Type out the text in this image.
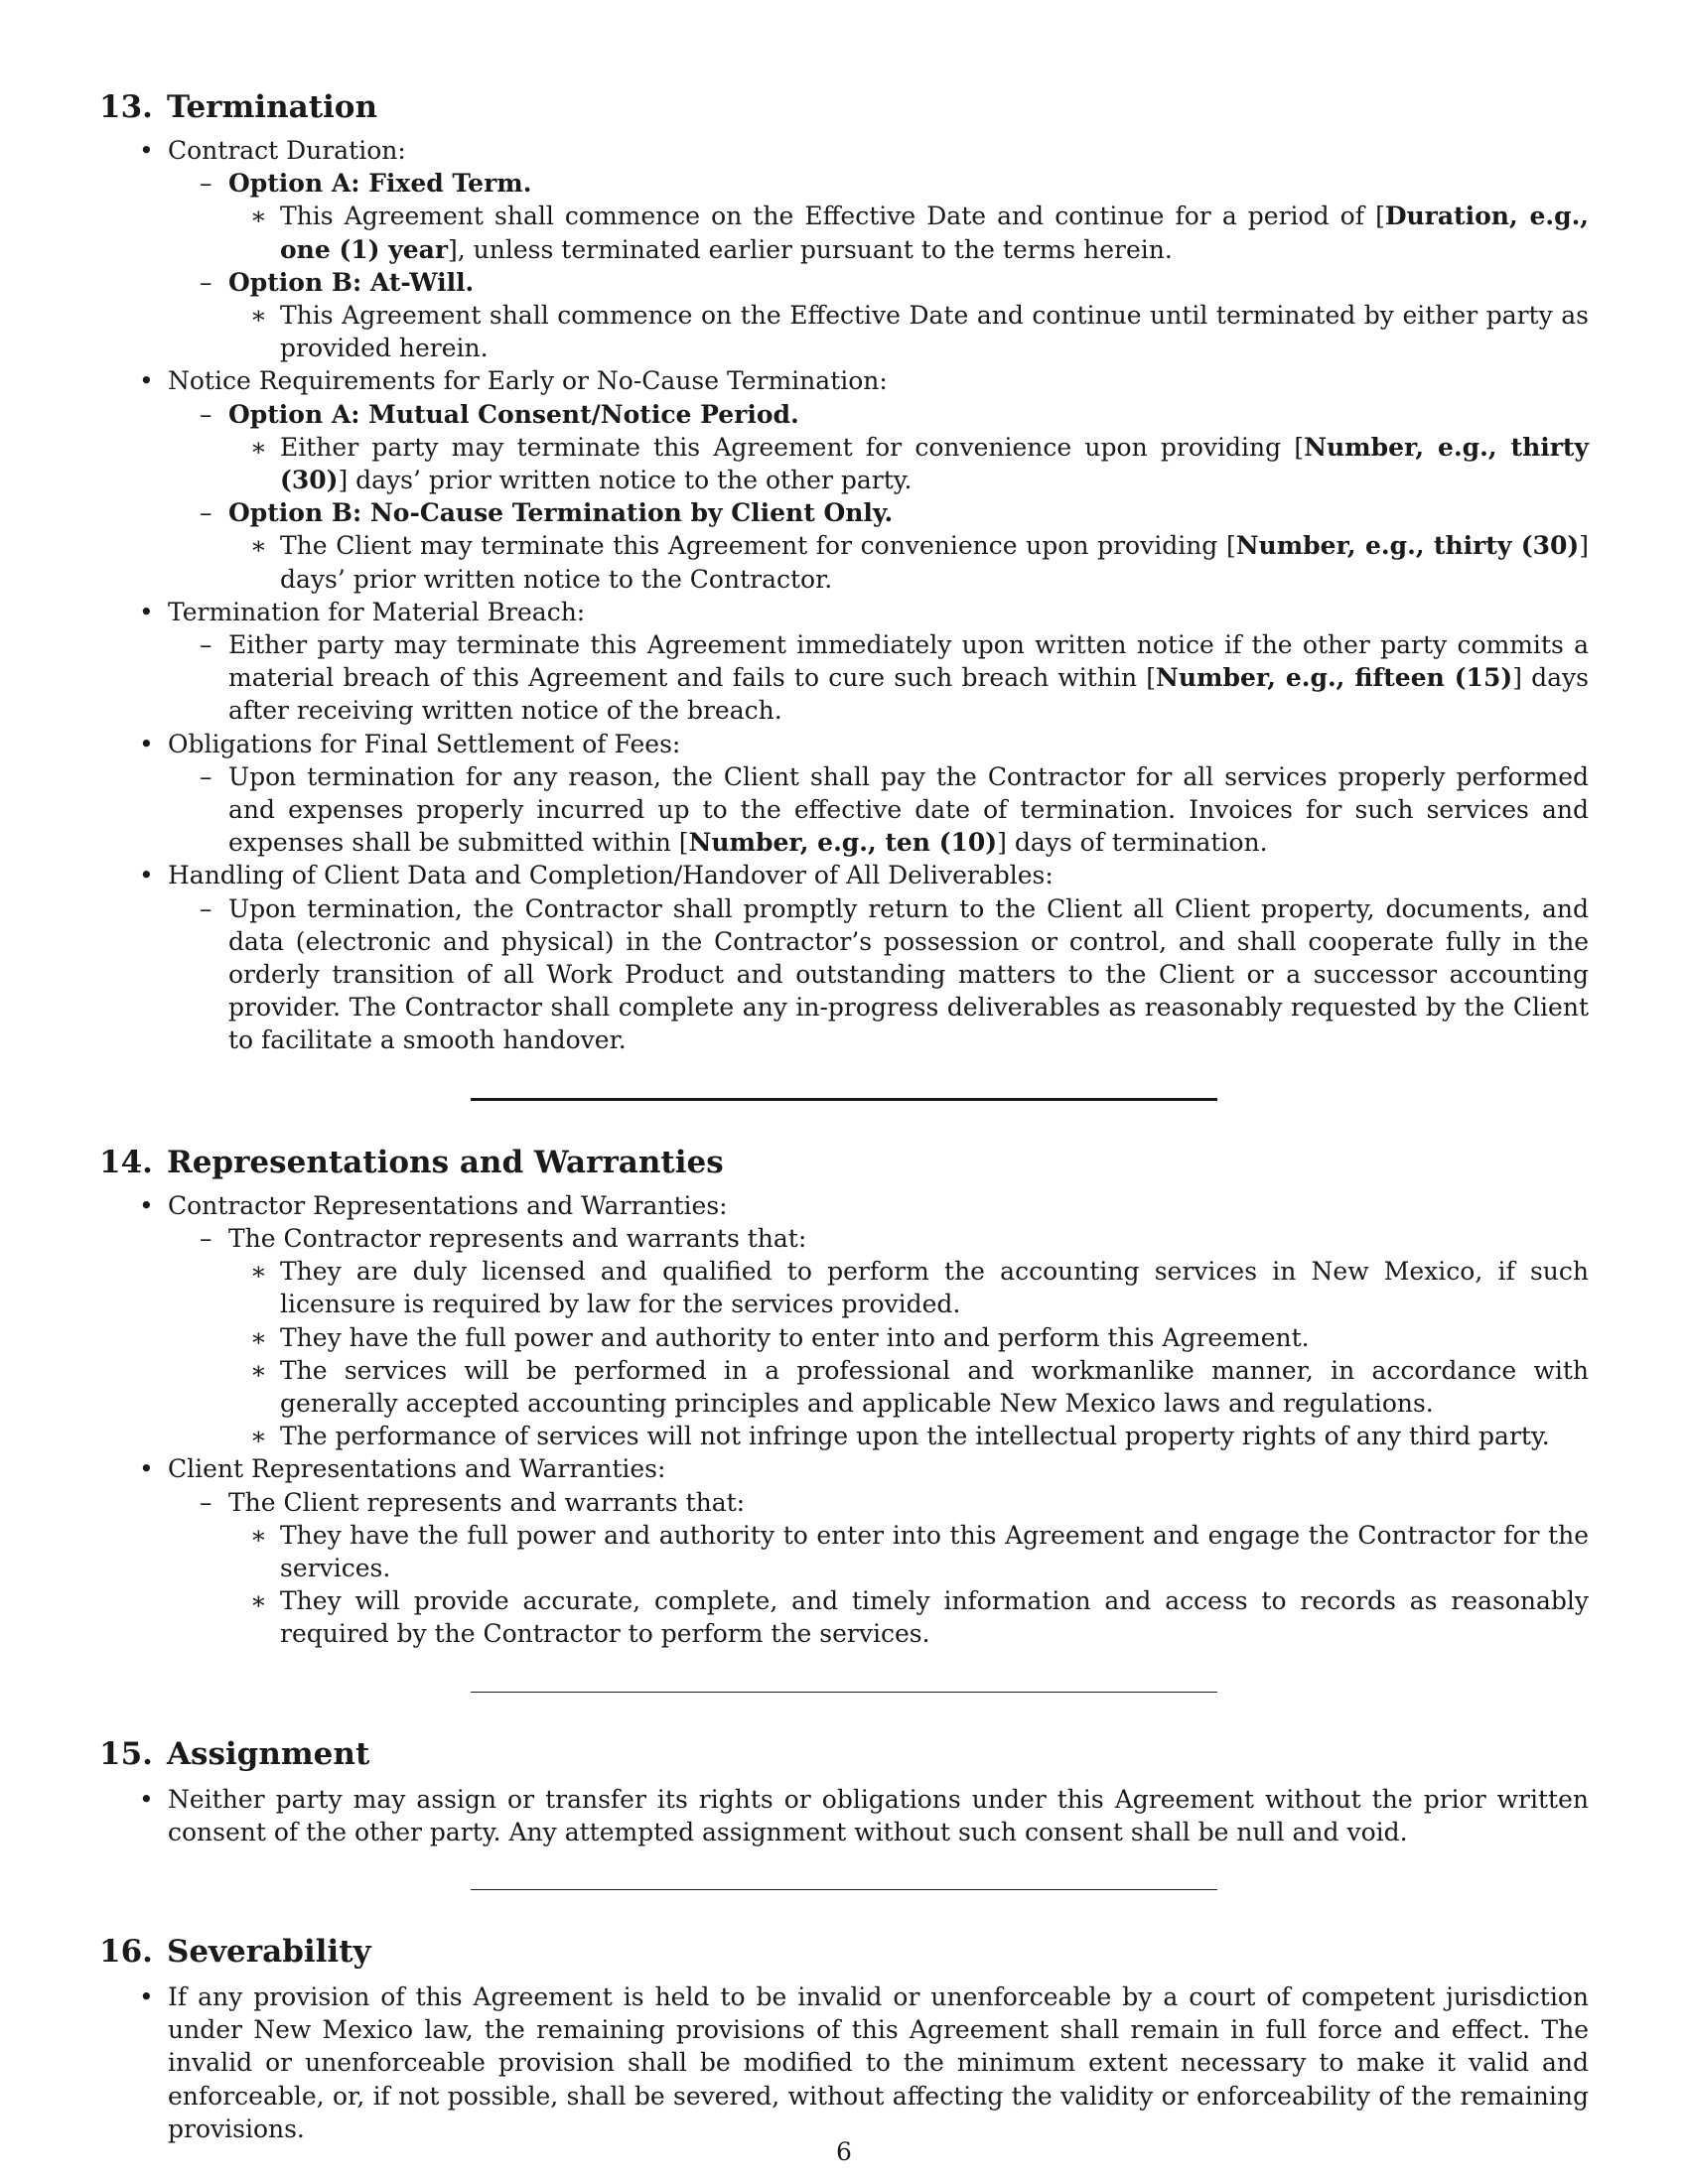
13. Termination
• Contract Duration:
– Option A: Fixed Term.
∗ This Agreement shall commence on the Effective Date and continue for a period of [Duration, e.g., one (1) year], unless terminated earlier pursuant to the terms herein.
– Option B: At-Will.
∗ This Agreement shall commence on the Effective Date and continue until terminated by either party as provided herein.
• Notice Requirements for Early or No-Cause Termination:
– Option A: Mutual Consent/Notice Period.
∗ Either party may terminate this Agreement for convenience upon providing [Number, e.g., thirty (30)] days’ prior written notice to the other party.
– Option B: No-Cause Termination by Client Only.
∗ The Client may terminate this Agreement for convenience upon providing [Number, e.g., thirty (30)] days’ prior written notice to the Contractor.
• Termination for Material Breach:
– Either party may terminate this Agreement immediately upon written notice if the other party commits a material breach of this Agreement and fails to cure such breach within [Number, e.g., fifteen (15)] days after receiving written notice of the breach.
• Obligations for Final Settlement of Fees:
– Upon termination for any reason, the Client shall pay the Contractor for all services properly performed and expenses properly incurred up to the effective date of termination. Invoices for such services and expenses shall be submitted within [Number, e.g., ten (10)] days of termination.
• Handling of Client Data and Completion/Handover of All Deliverables:
– Upon termination, the Contractor shall promptly return to the Client all Client property, documents, and data (electronic and physical) in the Contractor’s possession or control, and shall cooperate fully in the orderly transition of all Work Product and outstanding matters to the Client or a successor accounting provider. The Contractor shall complete any in-progress deliverables as reasonably requested by the Client to facilitate a smooth handover.
14. Representations and Warranties
• Contractor Representations and Warranties:
– The Contractor represents and warrants that:
∗ They are duly licensed and qualified to perform the accounting services in New Mexico, if such licensure is required by law for the services provided.
∗ They have the full power and authority to enter into and perform this Agreement.
∗ The services will be performed in a professional and workmanlike manner, in accordance with generally accepted accounting principles and applicable New Mexico laws and regulations.
∗ The performance of services will not infringe upon the intellectual property rights of any third party.
• Client Representations and Warranties:
– The Client represents and warrants that:
∗ They have the full power and authority to enter into this Agreement and engage the Contractor for the services.
∗ They will provide accurate, complete, and timely information and access to records as reasonably required by the Contractor to perform the services.
15. Assignment
• Neither party may assign or transfer its rights or obligations under this Agreement without the prior written consent of the other party. Any attempted assignment without such consent shall be null and void.
16. Severability
• If any provision of this Agreement is held to be invalid or unenforceable by a court of competent jurisdiction under New Mexico law, the remaining provisions of this Agreement shall remain in full force and effect. The invalid or unenforceable provision shall be modified to the minimum extent necessary to make it valid and enforceable, or, if not possible, shall be severed, without affecting the validity or enforceability of the remaining provisions.
6
